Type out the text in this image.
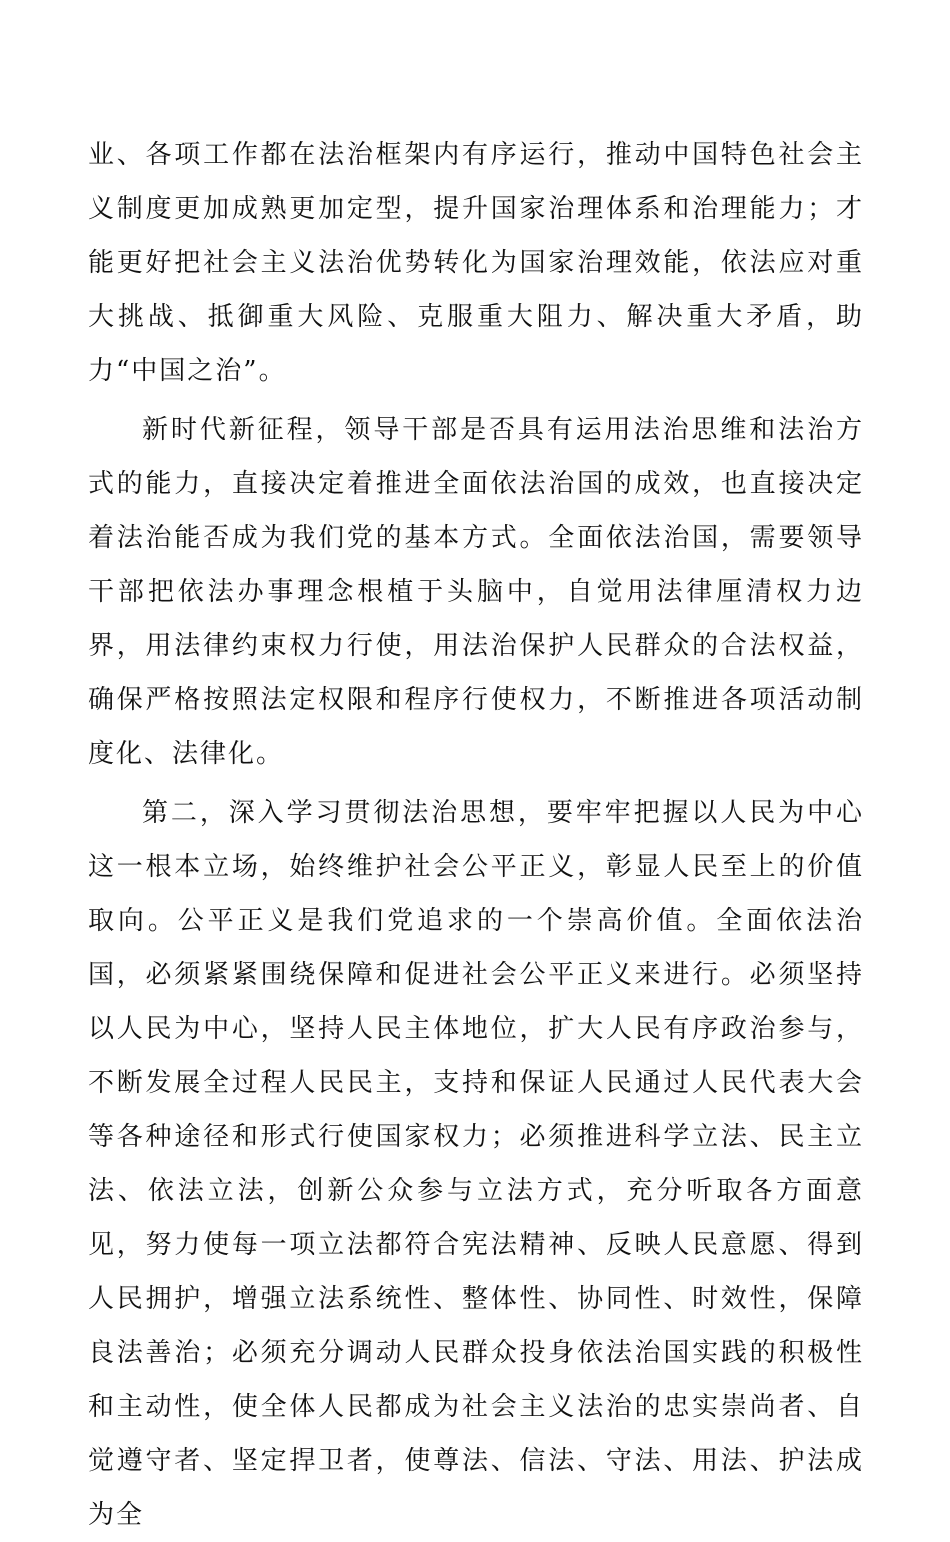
业、各项工作都在法治框架内有序运行，推动中国特色社会主义制度更加成熟更加定型，提升国家治理体系和治理能力；才能更好把社会主义法治优势转化为国家治理效能，依法应对重大挑战、抵御重大风险、克服重大阻力、解决重大矛盾，助力“中国之治”。

新时代新征程，领导干部是否具有运用法治思维和法治方式的能力，直接决定着推进全面依法治国的成效，也直接决定着法治能否成为我们党的基本方式。全面依法治国，需要领导干部把依法办事理念根植于头脑中，自觉用法律厘清权力边界，用法律约束权力行使，用法治保护人民群众的合法权益，确保严格按照法定权限和程序行使权力，不断推进各项活动制度化、法律化。

第二，深入学习贯彻法治思想，要牢牢把握以人民为中心这一根本立场，始终维护社会公平正义，彰显人民至上的价值取向。公平正义是我们党追求的一个崇高价值。全面依法治国，必须紧紧围绕保障和促进社会公平正义来进行。必须坚持以人民为中心，坚持人民主体地位，扩大人民有序政治参与，不断发展全过程人民民主，支持和保证人民通过人民代表大会等各种途径和形式行使国家权力；必须推进科学立法、民主立法、依法立法，创新公众参与立法方式，充分听取各方面意见，努力使每一项立法都符合宪法精神、反映人民意愿、得到人民拥护，增强立法系统性、整体性、协同性、时效性，保障良法善治；必须充分调动人民群众投身依法治国实践的积极性和主动性，使全体人民都成为社会主义法治的忠实崇尚者、自觉遵守者、坚定捍卫者，使尊法、信法、守法、用法、护法成为全
